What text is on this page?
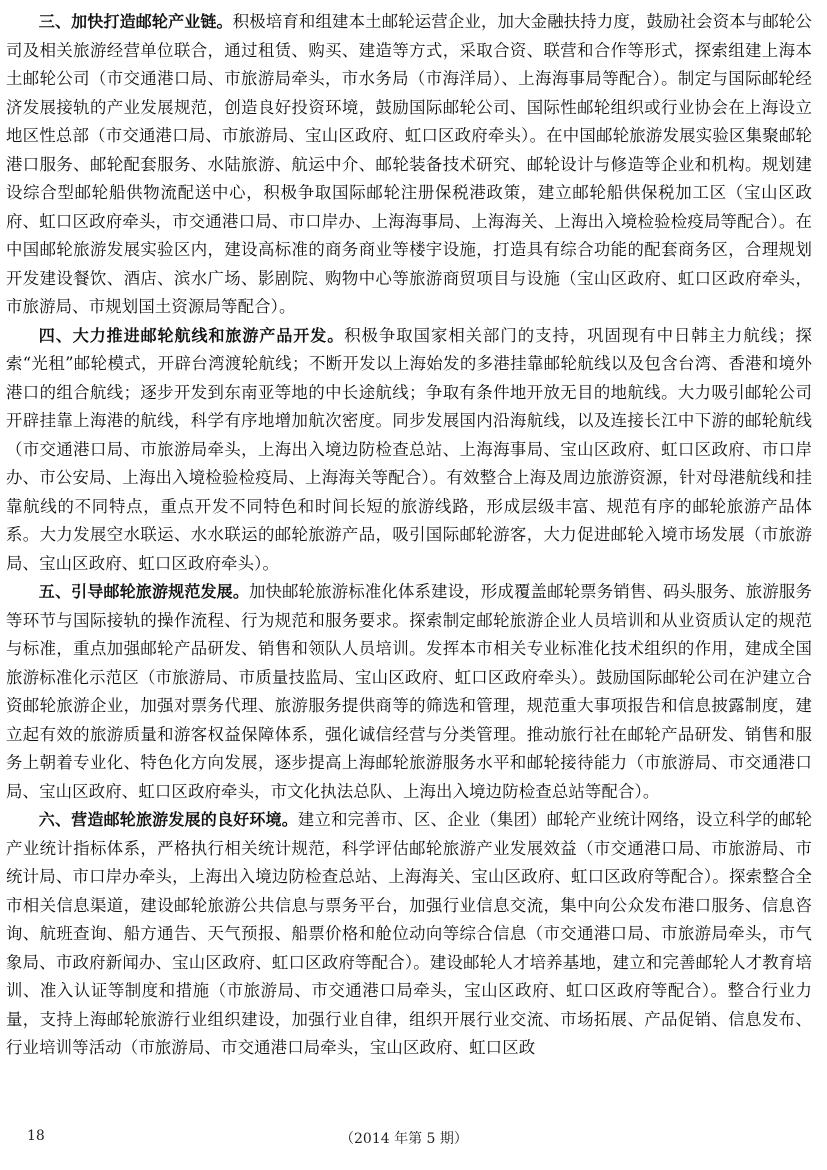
三、加快打造邮轮产业链。积极培育和组建本土邮轮运营企业，加大金融扶持力度，鼓励社会资本与邮轮公司及相关旅游经营单位联合，通过租赁、购买、建造等方式，采取合资、联营和合作等形式，探索组建上海本土邮轮公司（市交通港口局、市旅游局牵头，市水务局（市海洋局）、上海海事局等配合）。制定与国际邮轮经济发展接轨的产业发展规范，创造良好投资环境，鼓励国际邮轮公司、国际性邮轮组织或行业协会在上海设立地区性总部（市交通港口局、市旅游局、宝山区政府、虹口区政府牵头）。在中国邮轮旅游发展实验区集聚邮轮港口服务、邮轮配套服务、水陆旅游、航运中介、邮轮装备技术研究、邮轮设计与修造等企业和机构。规划建设综合型邮轮船供物流配送中心，积极争取国际邮轮注册保税港政策，建立邮轮船供保税加工区（宝山区政府、虹口区政府牵头，市交通港口局、市口岸办、上海海事局、上海海关、上海出入境检验检疫局等配合）。在中国邮轮旅游发展实验区内，建设高标准的商务商业等楼宇设施，打造具有综合功能的配套商务区，合理规划开发建设餐饮、酒店、滨水广场、影剧院、购物中心等旅游商贸项目与设施（宝山区政府、虹口区政府牵头，市旅游局、市规划国土资源局等配合）。

四、大力推进邮轮航线和旅游产品开发。积极争取国家相关部门的支持，巩固现有中日韩主力航线；探索“光租”邮轮模式，开辟台湾渡轮航线；不断开发以上海始发的多港挂靠邮轮航线以及包含台湾、香港和境外港口的组合航线；逐步开发到东南亚等地的中长途航线；争取有条件地开放无目的地航线。大力吸引邮轮公司开辟挂靠上海港的航线，科学有序地增加航次密度。同步发展国内沿海航线，以及连接长江中下游的邮轮航线（市交通港口局、市旅游局牵头，上海出入境边防检查总站、上海海事局、宝山区政府、虹口区政府、市口岸办、市公安局、上海出入境检验检疫局、上海海关等配合）。有效整合上海及周边旅游资源，针对母港航线和挂靠航线的不同特点，重点开发不同特色和时间长短的旅游线路，形成层级丰富、规范有序的邮轮旅游产品体系。大力发展空水联运、水水联运的邮轮旅游产品，吸引国际邮轮游客，大力促进邮轮入境市场发展（市旅游局、宝山区政府、虹口区政府牵头）。

五、引导邮轮旅游规范发展。加快邮轮旅游标准化体系建设，形成覆盖邮轮票务销售、码头服务、旅游服务等环节与国际接轨的操作流程、行为规范和服务要求。探索制定邮轮旅游企业人员培训和从业资质认定的规范与标准，重点加强邮轮产品研发、销售和领队人员培训。发挥本市相关专业标准化技术组织的作用，建成全国旅游标准化示范区（市旅游局、市质量技监局、宝山区政府、虹口区政府牵头）。鼓励国际邮轮公司在沪建立合资邮轮旅游企业，加强对票务代理、旅游服务提供商等的筛选和管理，规范重大事项报告和信息披露制度，建立起有效的旅游质量和游客权益保障体系，强化诚信经营与分类管理。推动旅行社在邮轮产品研发、销售和服务上朝着专业化、特色化方向发展，逐步提高上海邮轮旅游服务水平和邮轮接待能力（市旅游局、市交通港口局、宝山区政府、虹口区政府牵头，市文化执法总队、上海出入境边防检查总站等配合）。

六、营造邮轮旅游发展的良好环境。建立和完善市、区、企业（集团）邮轮产业统计网络，设立科学的邮轮产业统计指标体系，严格执行相关统计规范，科学评估邮轮旅游产业发展效益（市交通港口局、市旅游局、市统计局、市口岸办牵头，上海出入境边防检查总站、上海海关、宝山区政府、虹口区政府等配合）。探索整合全市相关信息渠道，建设邮轮旅游公共信息与票务平台，加强行业信息交流，集中向公众发布港口服务、信息咨询、航班查询、船方通告、天气预报、船票价格和舱位动向等综合信息（市交通港口局、市旅游局牵头，市气象局、市政府新闻办、宝山区政府、虹口区政府等配合）。建设邮轮人才培养基地，建立和完善邮轮人才教育培训、准入认证等制度和措施（市旅游局、市交通港口局牵头，宝山区政府、虹口区政府等配合）。整合行业力量，支持上海邮轮旅游行业组织建设，加强行业自律，组织开展行业交流、市场拓展、产品促销、信息发布、行业培训等活动（市旅游局、市交通港口局牵头，宝山区政府、虹口区政

18	（2014 年第 5 期）
